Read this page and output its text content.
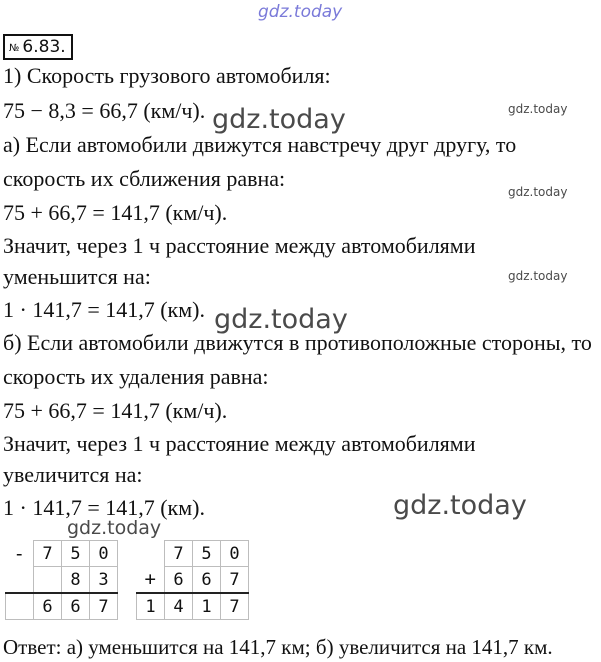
gdz.today
№ 6.83.
1) Скорость грузового автомобиля:
75 − 8,3 = 66,7 (км/ч).
а) Если автомобили движутся навстречу друг другу, то
скорость их сближения равна:
75 + 66,7 = 141,7 (км/ч).
Значит, через 1 ч расстояние между автомобилями
уменьшится на:
1 · 141,7 = 141,7 (км).
б) Если автомобили движутся в противоположные стороны, то
скорость их удаления равна:
75 + 66,7 = 141,7 (км/ч).
Значит, через 1 ч расстояние между автомобилями
увеличится на:
1 · 141,7 = 141,7 (км).
gdz.today
gdz.today
gdz.today
gdz.today
gdz.today
gdz.today
gdz.today
-	7	5	0
		8	3
	6	6	7
	7	5	0
+	6	6	7
1	4	1	7
Ответ: а) уменьшится на 141,7 км; б) увеличится на 141,7 км.
